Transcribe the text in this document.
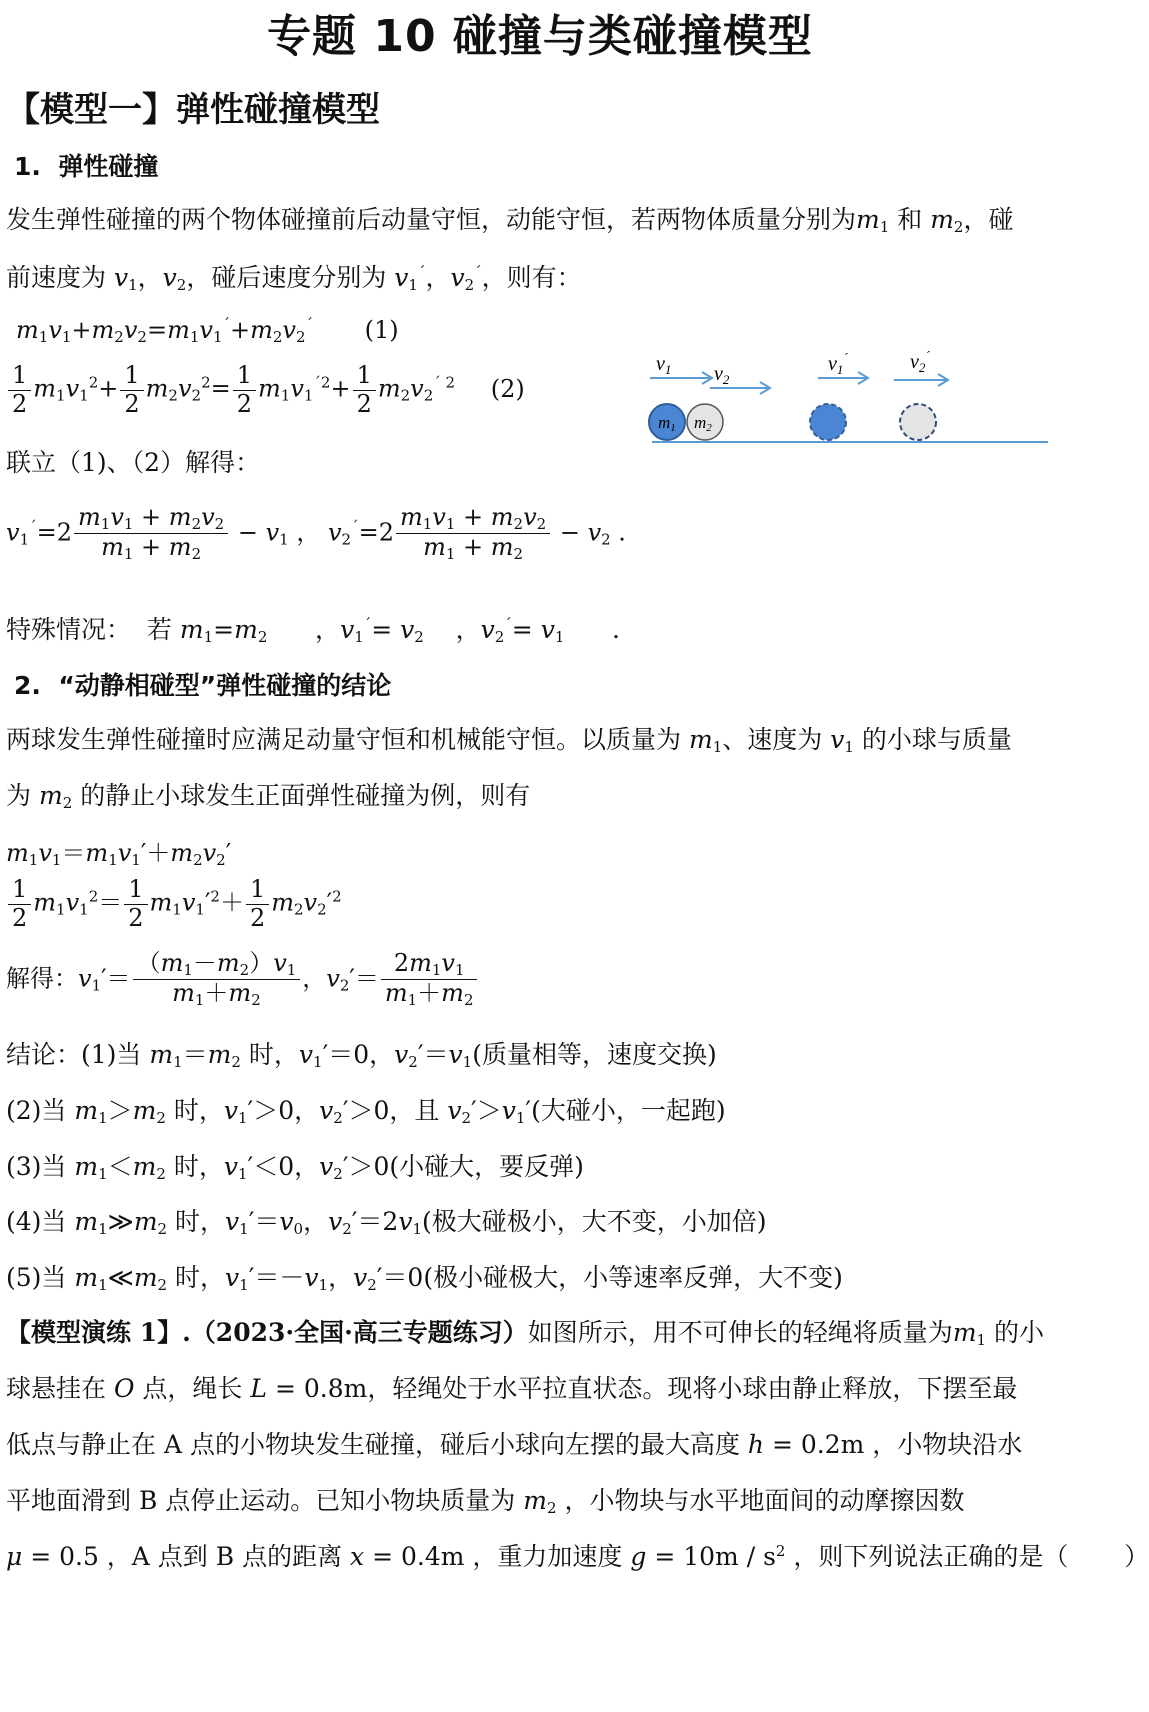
专题 10 碰撞与类碰撞模型
【模型一】弹性碰撞模型
1. 弹性碰撞
发生弹性碰撞的两个物体碰撞前后动量守恒，动能守恒，若两物体质量分别为$m_1$ 和 $m_2$，碰
前速度为 $v_1$，$v_2$，碰后速度分别为 $v_1^´$，$v_2^´$，则有：
$m_1v_1+m_2v_2=m_1v_1^´+m_2v_2^´$ (1)
$\frac{1}{2} m_1v_1^2+ \frac{1}{2} m_2v_2^2= \frac{1}{2} m_1v_1^{´2}+ \frac{1}{2} m_2v_2^{´ 2}$ (2)
$v_1$ $v_2$
m1 m2
$v_1^´$	$v_2^´$
联立（1)、（2）解得：
$v_1^´=2 \frac{m_1v_1 + m_2v_2}{m_1 + m_2} - v_1$ ， $v_2^´=2 \frac{m_1v_1 + m_2v_2}{m_1 + m_2} - v_2$ .
特殊情况： 若 $m_1=m_2$      ，$v_1^´= v_2$    ，$v_2^´= v_1$      .
2. “动静相碰型”弹性碰撞的结论
两球发生弹性碰撞时应满足动量守恒和机械能守恒。以质量为 $m_1$、速度为 $v_1$ 的小球与质量
为 $m_2$ 的静止小球发生正面弹性碰撞为例，则有
$m_1v_1=m_1v_1'+m_2v_2'$
$\frac{1}{2} m_1v_1^2= \frac{1}{2} m_1v_1'^2+ \frac{1}{2} m_2v_2'^2$
解得：$v_1'= \frac{(m_1-m_2)v_1}{m_1+m_2}$ ，$v_2'= \frac{2m_1v_1}{m_1+m_2}$
结论：(1)当 $m_1=m_2$ 时，$v_1'=0$，$v_2'=v_1$(质量相等，速度交换)
(2)当 $m_1>m_2$ 时，$v_1'>0$，$v_2'>0$，且 $v_2'>v_1'$(大碰小，一起跑)
(3)当 $m_1<m_2$ 时，$v_1'<0$，$v_2'>0$(小碰大，要反弹)
(4)当 $m_1≫m_2$ 时，$v_1'=v_0$，$v_2'=2v_1$(极大碰极小，大不变，小加倍)
(5)当 $m_1≪m_2$ 时，$v_1'=-v_1$，$v_2'=0$(极小碰极大，小等速率反弹，大不变)
【模型演练 1】.（2023·全国·高三专题练习）如图所示，用不可伸长的轻绳将质量为$m_1$ 的小
球悬挂在 O 点，绳长 L = 0.8m，轻绳处于水平拉直状态。现将小球由静止释放，下摆至最
低点与静止在 A 点的小物块发生碰撞，碰后小球向左摆的最大高度 h = 0.2m ，小物块沿水
平地面滑到 B 点停止运动。已知小物块质量为 $m_2$ ，小物块与水平地面间的动摩擦因数
μ = 0.5 ，A 点到 B 点的距离 x = 0.4m ，重力加速度 $g = 10m / s^2$ ，则下列说法正确的是（ ）
